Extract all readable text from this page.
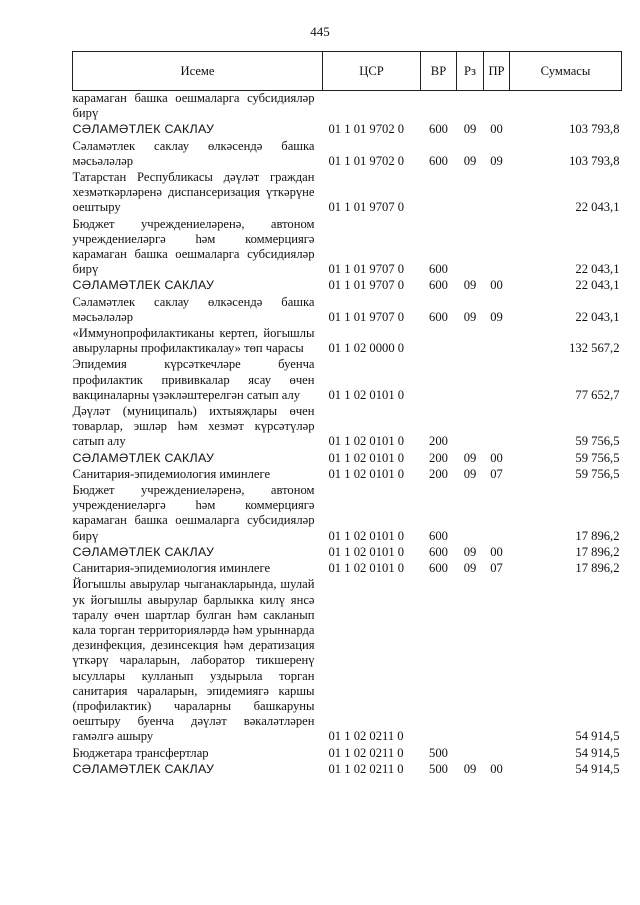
445
Исеме	ЦСР	ВР	Рз	ПР	Суммасы
карамаган башка оешмаларга субсидияләр бирү					
СӘЛАМӘТЛЕК САКЛАУ	01 1 01 9702 0	600	09	00	103 793,8
Сәламәтлек саклау өлкәсендә башка мәсьәләләр	01 1 01 9702 0	600	09	09	103 793,8
Татарстан Республикасы дәүләт граждан хезмәткәрләренә диспансеризация үткәрүне оештыру	01 1 01 9707 0				22 043,1
Бюджет учреждениеләренә, автоном учреждениеләргә һәм коммерциягә карамаган башка оешмаларга субсидияләр бирү	01 1 01 9707 0	600			22 043,1
СӘЛАМӘТЛЕК САКЛАУ	01 1 01 9707 0	600	09	00	22 043,1
Сәламәтлек саклау өлкәсендә башка мәсьәләләр	01 1 01 9707 0	600	09	09	22 043,1
«Иммунопрофилактиканы кертеп, йогышлы авыруларны профилактикалау» төп чарасы	01 1 02 0000 0				132 567,2
Эпидемия күрсәткечләре буенча профилактик прививкалар ясау өчен вакциналарны үзәкләштерелгән сатып алу	01 1 02 0101 0				77 652,7
Дәүләт (муниципаль) ихтыяҗлары өчен товарлар, эшләр һәм хезмәт күрсәтүләр сатып алу	01 1 02 0101 0	200			59 756,5
СӘЛАМӘТЛЕК САКЛАУ	01 1 02 0101 0	200	09	00	59 756,5
Санитария-эпидемиология иминлеге	01 1 02 0101 0	200	09	07	59 756,5
Бюджет учреждениеләренә, автоном учреждениеләргә һәм коммерциягә карамаган башка оешмаларга субсидияләр бирү	01 1 02 0101 0	600			17 896,2
СӘЛАМӘТЛЕК САКЛАУ	01 1 02 0101 0	600	09	00	17 896,2
Санитария-эпидемиология иминлеге	01 1 02 0101 0	600	09	07	17 896,2
Йогышлы авырулар чыганакларында, шулай ук йогышлы авырулар барлыкка килү янсә таралу өчен шартлар булган һәм сакланып кала торган территорияләрдә һәм урыннарда дезинфекция, дезинсекция һәм дератизация үткәрү чараларын, лаборатор тикшеренү ысуллары кулланып уздырыла торган санитария чараларын, эпидемиягә каршы (профилактик) чараларны башкаруны оештыру буенча дәүләт вәкаләтләрен гамәлгә ашыру	01 1 02 0211 0				54 914,5
Бюджетара трансфертлар	01 1 02 0211 0	500			54 914,5
СӘЛАМӘТЛЕК САКЛАУ	01 1 02 0211 0	500	09	00	54 914,5
